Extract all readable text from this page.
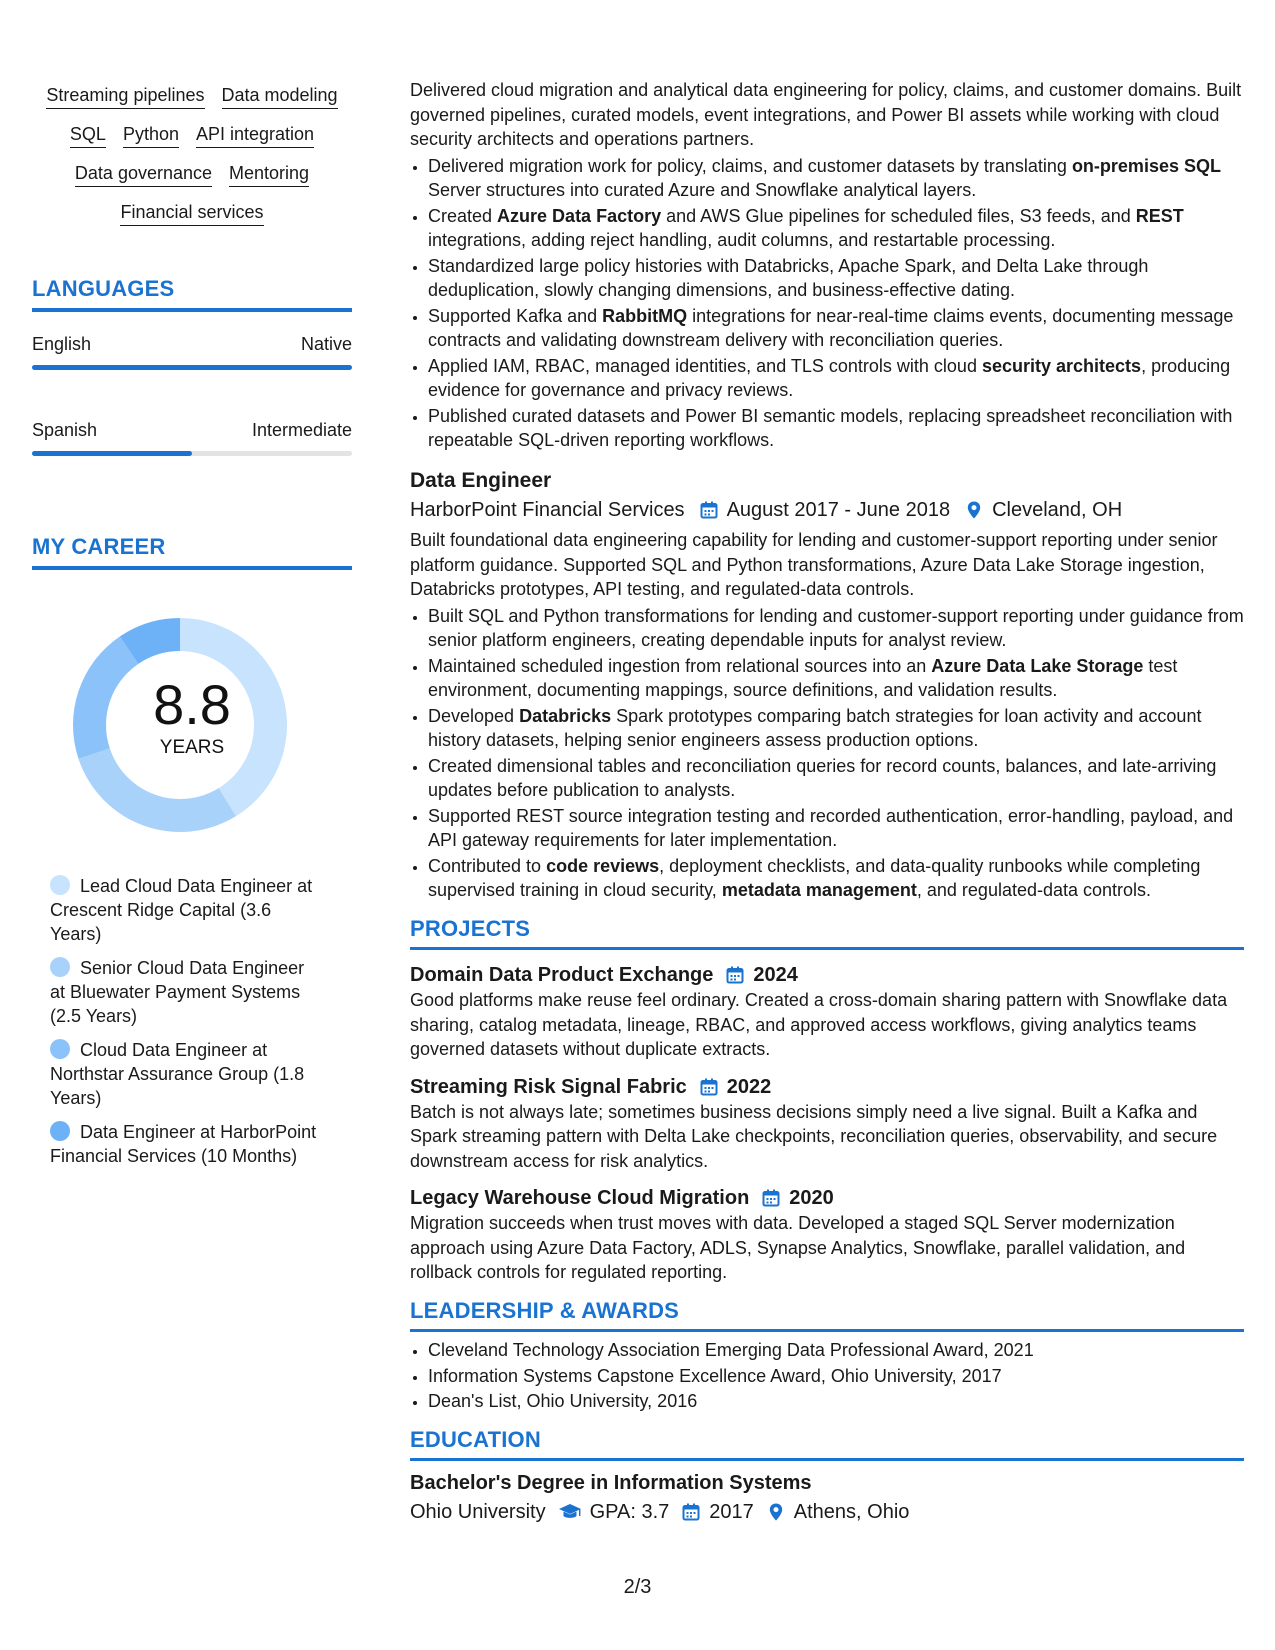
Streaming pipelines Data modeling
SQL Python API integration
Data governance Mentoring
Financial services
LANGUAGES
English	Native
Spanish	Intermediate
MY CAREER
8.8
YEARS
Lead Cloud Data Engineer at Crescent Ridge Capital (3.6 Years)
Senior Cloud Data Engineer at Bluewater Payment Systems (2.5 Years)
Cloud Data Engineer at Northstar Assurance Group (1.8 Years)
Data Engineer at HarborPoint Financial Services (10 Months)

Delivered cloud migration and analytical data engineering for policy, claims, and customer domains. Built governed pipelines, curated models, event integrations, and Power BI assets while working with cloud security architects and operations partners.

• Delivered migration work for policy, claims, and customer datasets by translating on-premises SQL Server structures into curated Azure and Snowflake analytical layers.
• Created Azure Data Factory and AWS Glue pipelines for scheduled files, S3 feeds, and REST integrations, adding reject handling, audit columns, and restartable processing.
• Standardized large policy histories with Databricks, Apache Spark, and Delta Lake through deduplication, slowly changing dimensions, and business-effective dating.
• Supported Kafka and RabbitMQ integrations for near-real-time claims events, documenting message contracts and validating downstream delivery with reconciliation queries.
• Applied IAM, RBAC, managed identities, and TLS controls with cloud security architects, producing evidence for governance and privacy reviews.
• Published curated datasets and Power BI semantic models, replacing spreadsheet reconciliation with repeatable SQL-driven reporting workflows.
Data Engineer
HarborPoint Financial Services August 2017 - June 2018 Cleveland, OH

Built foundational data engineering capability for lending and customer-support reporting under senior platform guidance. Supported SQL and Python transformations, Azure Data Lake Storage ingestion, Databricks prototypes, API testing, and regulated-data controls.

• Built SQL and Python transformations for lending and customer-support reporting under guidance from senior platform engineers, creating dependable inputs for analyst review.
• Maintained scheduled ingestion from relational sources into an Azure Data Lake Storage test environment, documenting mappings, source definitions, and validation results.
• Developed Databricks Spark prototypes comparing batch strategies for loan activity and account history datasets, helping senior engineers assess production options.
• Created dimensional tables and reconciliation queries for record counts, balances, and late-arriving updates before publication to analysts.
• Supported REST source integration testing and recorded authentication, error-handling, payload, and API gateway requirements for later implementation.
• Contributed to code reviews, deployment checklists, and data-quality runbooks while completing supervised training in cloud security, metadata management, and regulated-data controls.
PROJECTS
Domain Data Product Exchange 2024

Good platforms make reuse feel ordinary. Created a cross-domain sharing pattern with Snowflake data sharing, catalog metadata, lineage, RBAC, and approved access workflows, giving analytics teams governed datasets without duplicate extracts.

Streaming Risk Signal Fabric 2022

Batch is not always late; sometimes business decisions simply need a live signal. Built a Kafka and Spark streaming pattern with Delta Lake checkpoints, reconciliation queries, observability, and secure downstream access for risk analytics.

Legacy Warehouse Cloud Migration 2020

Migration succeeds when trust moves with data. Developed a staged SQL Server modernization approach using Azure Data Factory, ADLS, Synapse Analytics, Snowflake, parallel validation, and rollback controls for regulated reporting.

LEADERSHIP & AWARDS
• Cleveland Technology Association Emerging Data Professional Award, 2021
• Information Systems Capstone Excellence Award, Ohio University, 2017
• Dean's List, Ohio University, 2016
EDUCATION
Bachelor's Degree in Information Systems
Ohio University GPA: 3.7 2017 Athens, Ohio
2/3
